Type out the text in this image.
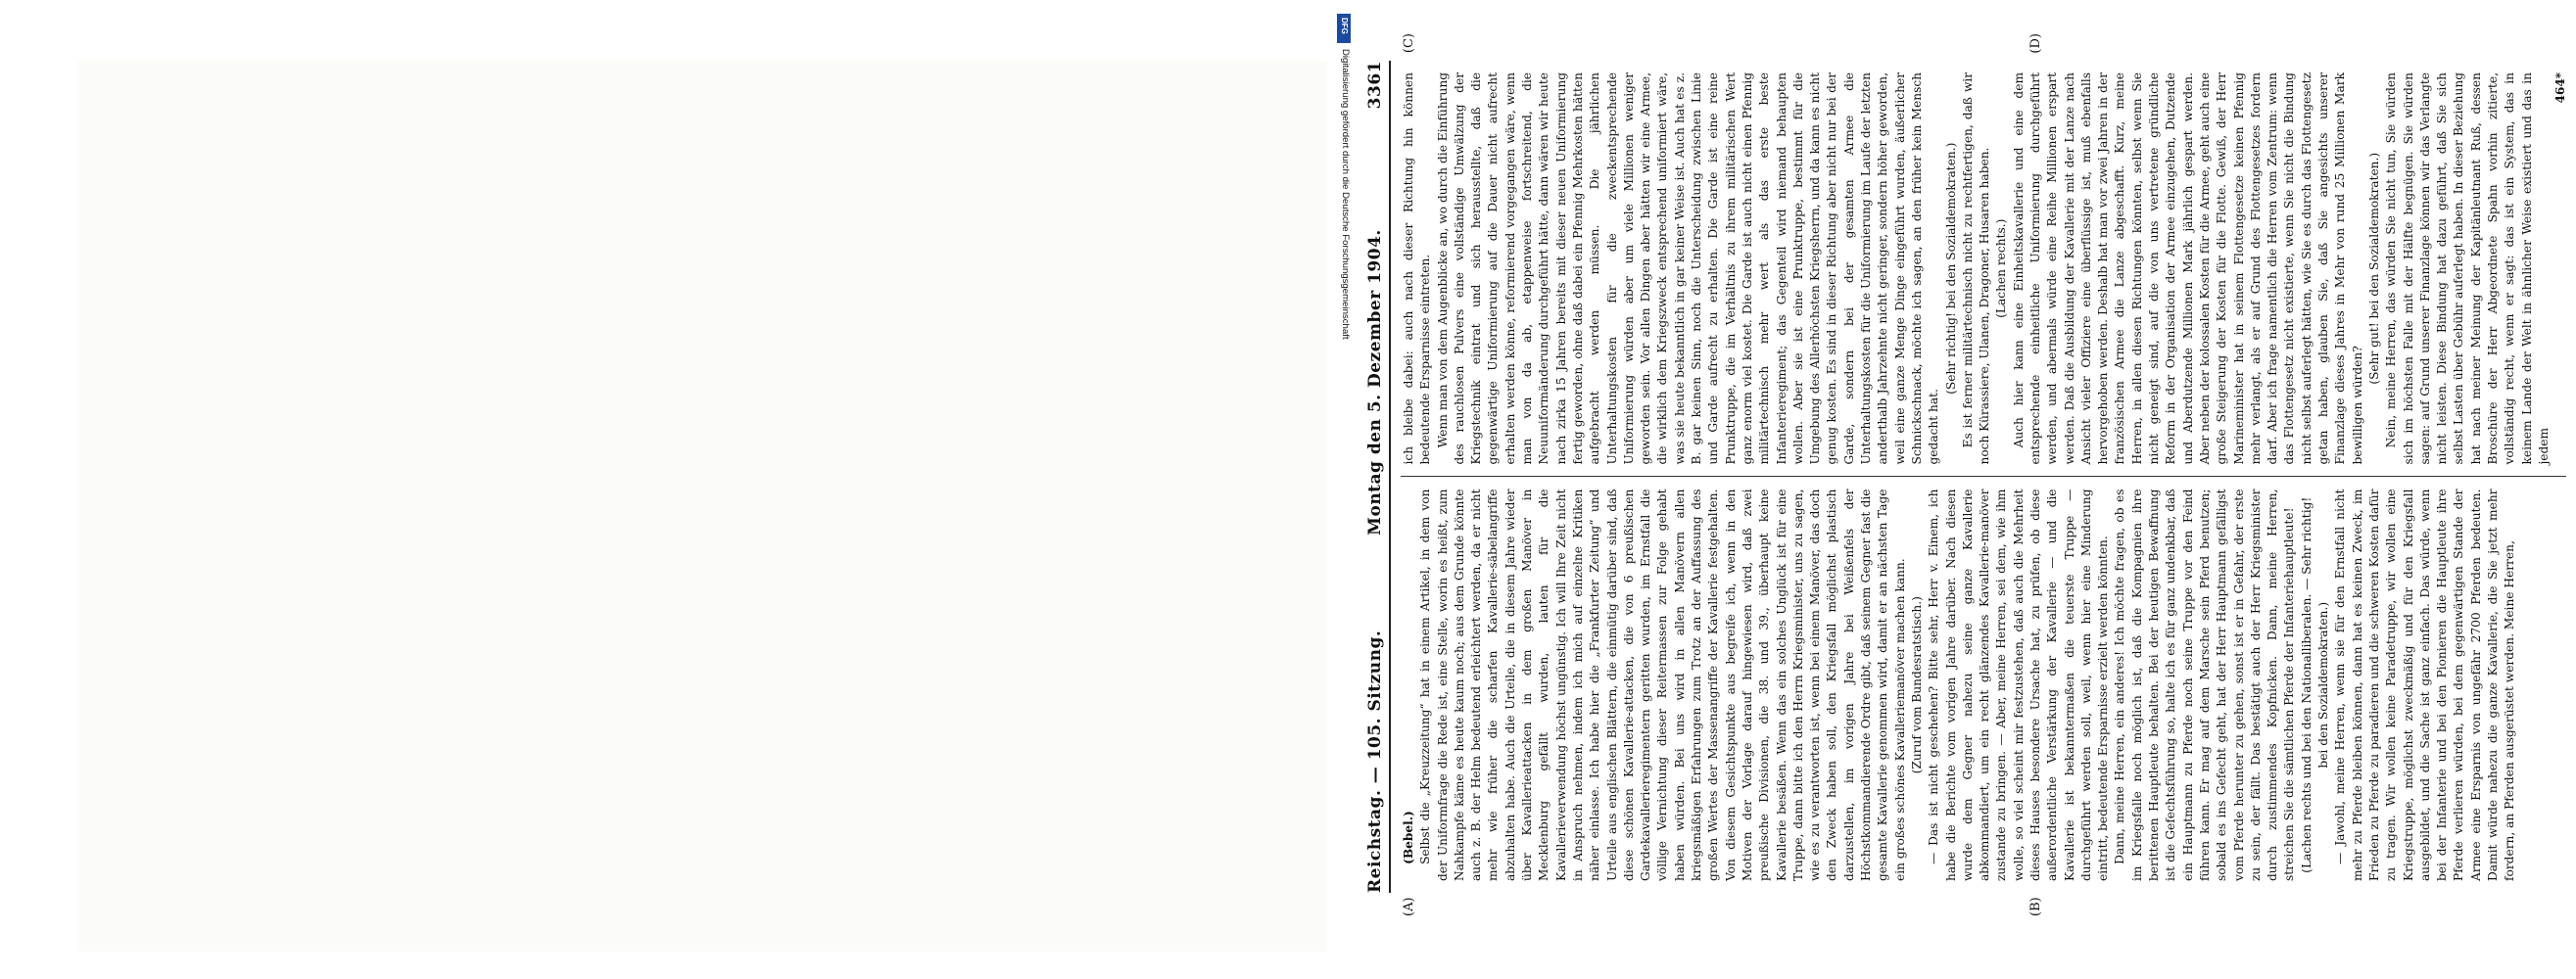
DFG
Digitalisierung gefördert durch die Deutsche Forschungsgemeinschaft
Reichstag. — 105. Sitzung.
Montag den 5. Dezember 1904.  3361
(A)	(B)

(Bebel.) Selbst die „Kreuzzeitung“ hat in einem Artikel, in dem von der Uniformfrage die Rede ist, eine Stelle, worin es heißt, zum Nahkampfe käme es heute kaum noch; aus dem Grunde könnte auch z. B. der Helm bedeutend erleichtert werden, da er nicht mehr wie früher die scharfen Kavallerie-säbelangriffe abzuhalten habe. Auch die Urteile, die in diesem Jahre wieder über Kavallerieattacken in dem großen Manöver in Mecklenburg gefällt wurden, lauten für die Kavallerieverwendung höchst ungünstig. Ich will Ihre Zeit nicht in Anspruch nehmen, indem ich mich auf einzelne Kritiken näher einlasse. Ich habe hier die „Frankfurter Zeitung“ und Urteile aus englischen Blättern, die einmütig darüber sind, daß diese schönen Kavallerie-attacken, die von 6 preußischen Gardekavallerieregimentern geritten wurden, im Ernstfall die völlige Vernichtung dieser Reitermassen zur Folge gehabt haben würden. Bei uns wird in allen Manövern allen kriegsmäßigen Erfahrungen zum Trotz an der Auffassung des großen Wertes der Massenangriffe der Kavallerie festgehalten. Von diesem Gesichtspunkte aus begreife ich, wenn in den Motiven der Vorlage darauf hingewiesen wird, daß zwei preußische Divisionen, die 38. und 39., überhaupt keine Kavallerie besäßen. Wenn das ein solches Unglück ist für eine Truppe, dann bitte ich den Herrn Kriegsminister, uns zu sagen, wie es zu verantworten ist, wenn bei einem Manöver, das doch den Zweck haben soll, den Kriegsfall möglichst plastisch darzustellen, im vorigen Jahre bei Weißenfels der Höchstkommandierende Ordre gibt, daß seinem Gegner fast die gesamte Kavallerie genommen wird, damit er an nächsten Tage ein großes schönes Kavalleriemanöver machen kann. (Zuruf vom Bundesratstisch.) — Das ist nicht geschehen? Bitte sehr, Herr v. Einem, ich habe die Berichte vom vorigen Jahre darüber. Nach diesen wurde dem Gegner nahezu seine ganze Kavallerie abkommandiert, um ein recht glänzendes Kavallerie-manöver zustande zu bringen. — Aber, meine Herren, sei dem, wie ihm wolle, so viel scheint mir festzustehen, daß auch die Mehrheit dieses Hauses besondere Ursache hat, zu prüfen, ob diese außerordentliche Verstärkung der Kavallerie — und die Kavallerie ist bekanntermaßen die teuerste Truppe — durchgeführt werden soll, weil, wenn hier eine Minderung eintritt, bedeutende Ersparnisse erzielt werden könnten. Dann, meine Herren, ein anderes! Ich möchte fragen, ob es im Kriegsfalle noch möglich ist, daß die Kompagnien ihre berittenen Hauptleute behalten. Bei der heutigen Bewaffnung ist die Gefechtsführung so, halte ich es für ganz undenkbar, daß ein Hauptmann zu Pferde noch seine Truppe vor den Feind führen kann. Er mag auf dem Marsche sein Pferd benutzen; sobald es ins Gefecht geht, hat der Herr Hauptmann gefälligst vom Pferde herunter zu gehen, sonst ist er in Gefahr, der erste zu sein, der fällt. Das bestätigt auch der Herr Kriegsminister durch zustimmendes Kopfnicken. Dann, meine Herren, streichen Sie die sämtlichen Pferde der Infanteriehauptleute! (Lachen rechts und bei den Nationalliberalen. — Sehr richtig! bei den Sozialdemokraten.) — Jawohl, meine Herren, wenn sie für den Ernstfall nicht mehr zu Pferde bleiben können, dann hat es keinen Zweck, im Frieden zu Pferde zu paradieren und die schweren Kosten dafür zu tragen. Wir wollen keine Paradetruppe, wir wollen eine Kriegstruppe, möglichst zweckmäßig und für den Kriegsfall ausgebildet, und die Sache ist ganz einfach. Das würde, wenn bei der Infanterie und bei den Pionieren die Hauptleute ihre Pferde verlieren würden, bei dem gegenwärtigen Stande der Armee eine Ersparnis von ungefähr 2700 Pferden bedeuten. Damit würde nahezu die ganze Kavallerie, die Sie jetzt mehr fordern, an Pferden ausgerüstet werden. Meine Herren,

(C)	(D)

ich bleibe dabei: auch nach dieser Richtung hin können bedeutende Ersparnisse eintreten. Wenn man von dem Augenblicke an, wo durch die Einführung des rauchlosen Pulvers eine vollständige Umwälzung der Kriegstechnik eintrat und sich herausstellte, daß die gegenwärtige Uniformierung auf die Dauer nicht aufrecht erhalten werden könne, reformierend vorgegangen wäre, wenn man von da ab, etappenweise fortschreitend, die Neuuniformänderung durchgeführt hätte, dann wären wir heute nach zirka 15 Jahren bereits mit dieser neuen Uniformierung fertig geworden, ohne daß dabei ein Pfennig Mehrkosten hätten aufgebracht werden müssen. Die jährlichen Unterhaltungskosten für die zweckentsprechende Uniformierung würden aber um viele Millionen weniger geworden sein. Vor allen Dingen aber hätten wir eine Armee, die wirklich dem Kriegszweck entsprechend uniformiert wäre, was sie heute bekanntlich in gar keiner Weise ist. Auch hat es z. B. gar keinen Sinn, noch die Unterscheidung zwischen Linie und Garde aufrecht zu erhalten. Die Garde ist eine reine Prunktruppe, die im Verhältnis zu ihrem militärischen Wert ganz enorm viel kostet. Die Garde ist auch nicht einen Pfennig militärtechnisch mehr wert als das erste beste Infanterieregiment; das Gegenteil wird niemand behaupten wollen. Aber sie ist eine Prunktruppe, bestimmt für die Umgebung des Allerhöchsten Kriegsherrn, und da kann es nicht genug kosten. Es sind in dieser Richtung aber nicht nur bei der Garde, sondern bei der gesamten Armee die Unterhaltungskosten für die Uniformierung im Laufe der letzten anderthalb Jahrzehnte nicht geringer, sondern höher geworden, weil eine ganze Menge Dinge eingeführt wurden, äußerlicher Schnickschnack, möchte ich sagen, an den früher kein Mensch gedacht hat.

(Sehr richtig! bei den Sozialdemokraten.) Es ist ferner militärtechnisch nicht zu rechtfertigen, daß wir noch Kürassiere, Ulanen, Dragoner, Husaren haben. (Lachen rechts.) Auch hier kann eine Einheitskavallerie und eine dem entsprechende einheitliche Uniformierung durchgeführt werden, und abermals würde eine Reihe Millionen erspart werden. Daß die Ausbildung der Kavallerie mit der Lanze nach Ansicht vieler Offiziere eine überflüssige ist, muß ebenfalls hervorgehoben werden. Deshalb hat man vor zwei Jahren in der französischen Armee die Lanze abgeschafft. Kurz, meine Herren, in allen diesen Richtungen könnten, selbst wenn Sie nicht geneigt sind, auf die von uns vertretene gründliche Reform in der Organisation der Armee einzugehen, Dutzende und Aberdutzende Millionen Mark jährlich gespart werden. Aber neben der kolossalen Kosten für die Armee, geht auch eine große Steigerung der Kosten für die Flotte. Gewiß, der Herr Marineminister hat in seinem Flottengesetze keinen Pfennig mehr verlangt, als er auf Grund des Flottengesetzes fordern darf. Aber ich frage namentlich die Herren vom Zentrum: wenn das Flottengesetz nicht existierte, wenn Sie nicht die Bindung nicht selbst auferlegt hätten, wie Sie es durch das Flottengesetz getan haben, glauben Sie, daß Sie angesichts unserer Finanzlage dieses Jahres in Mehr von rund 25 Millionen Mark bewilligen würden?

(Sehr gut! bei den Sozialdemokraten.) Nein, meine Herren, das würden Sie nicht tun, Sie würden sich im höchsten Falle mit der Hälfte begnügen. Sie würden sagen: auf Grund unserer Finanzlage können wir das Verlangte nicht leisten. Diese Bindung hat dazu geführt, daß Sie sich selbst Lasten über Gebühr auferlegt haben. In dieser Beziehung hat nach meiner Meinung der Kapitänleutnant Ruß, dessen Broschüre der Herr Abgeordnete Spahn vorhin zitierte, vollständig recht, wenn er sagt: das ist ein System, das in keinem Lande der Welt in ähnlicher Weise existiert und das in jedem

464*
